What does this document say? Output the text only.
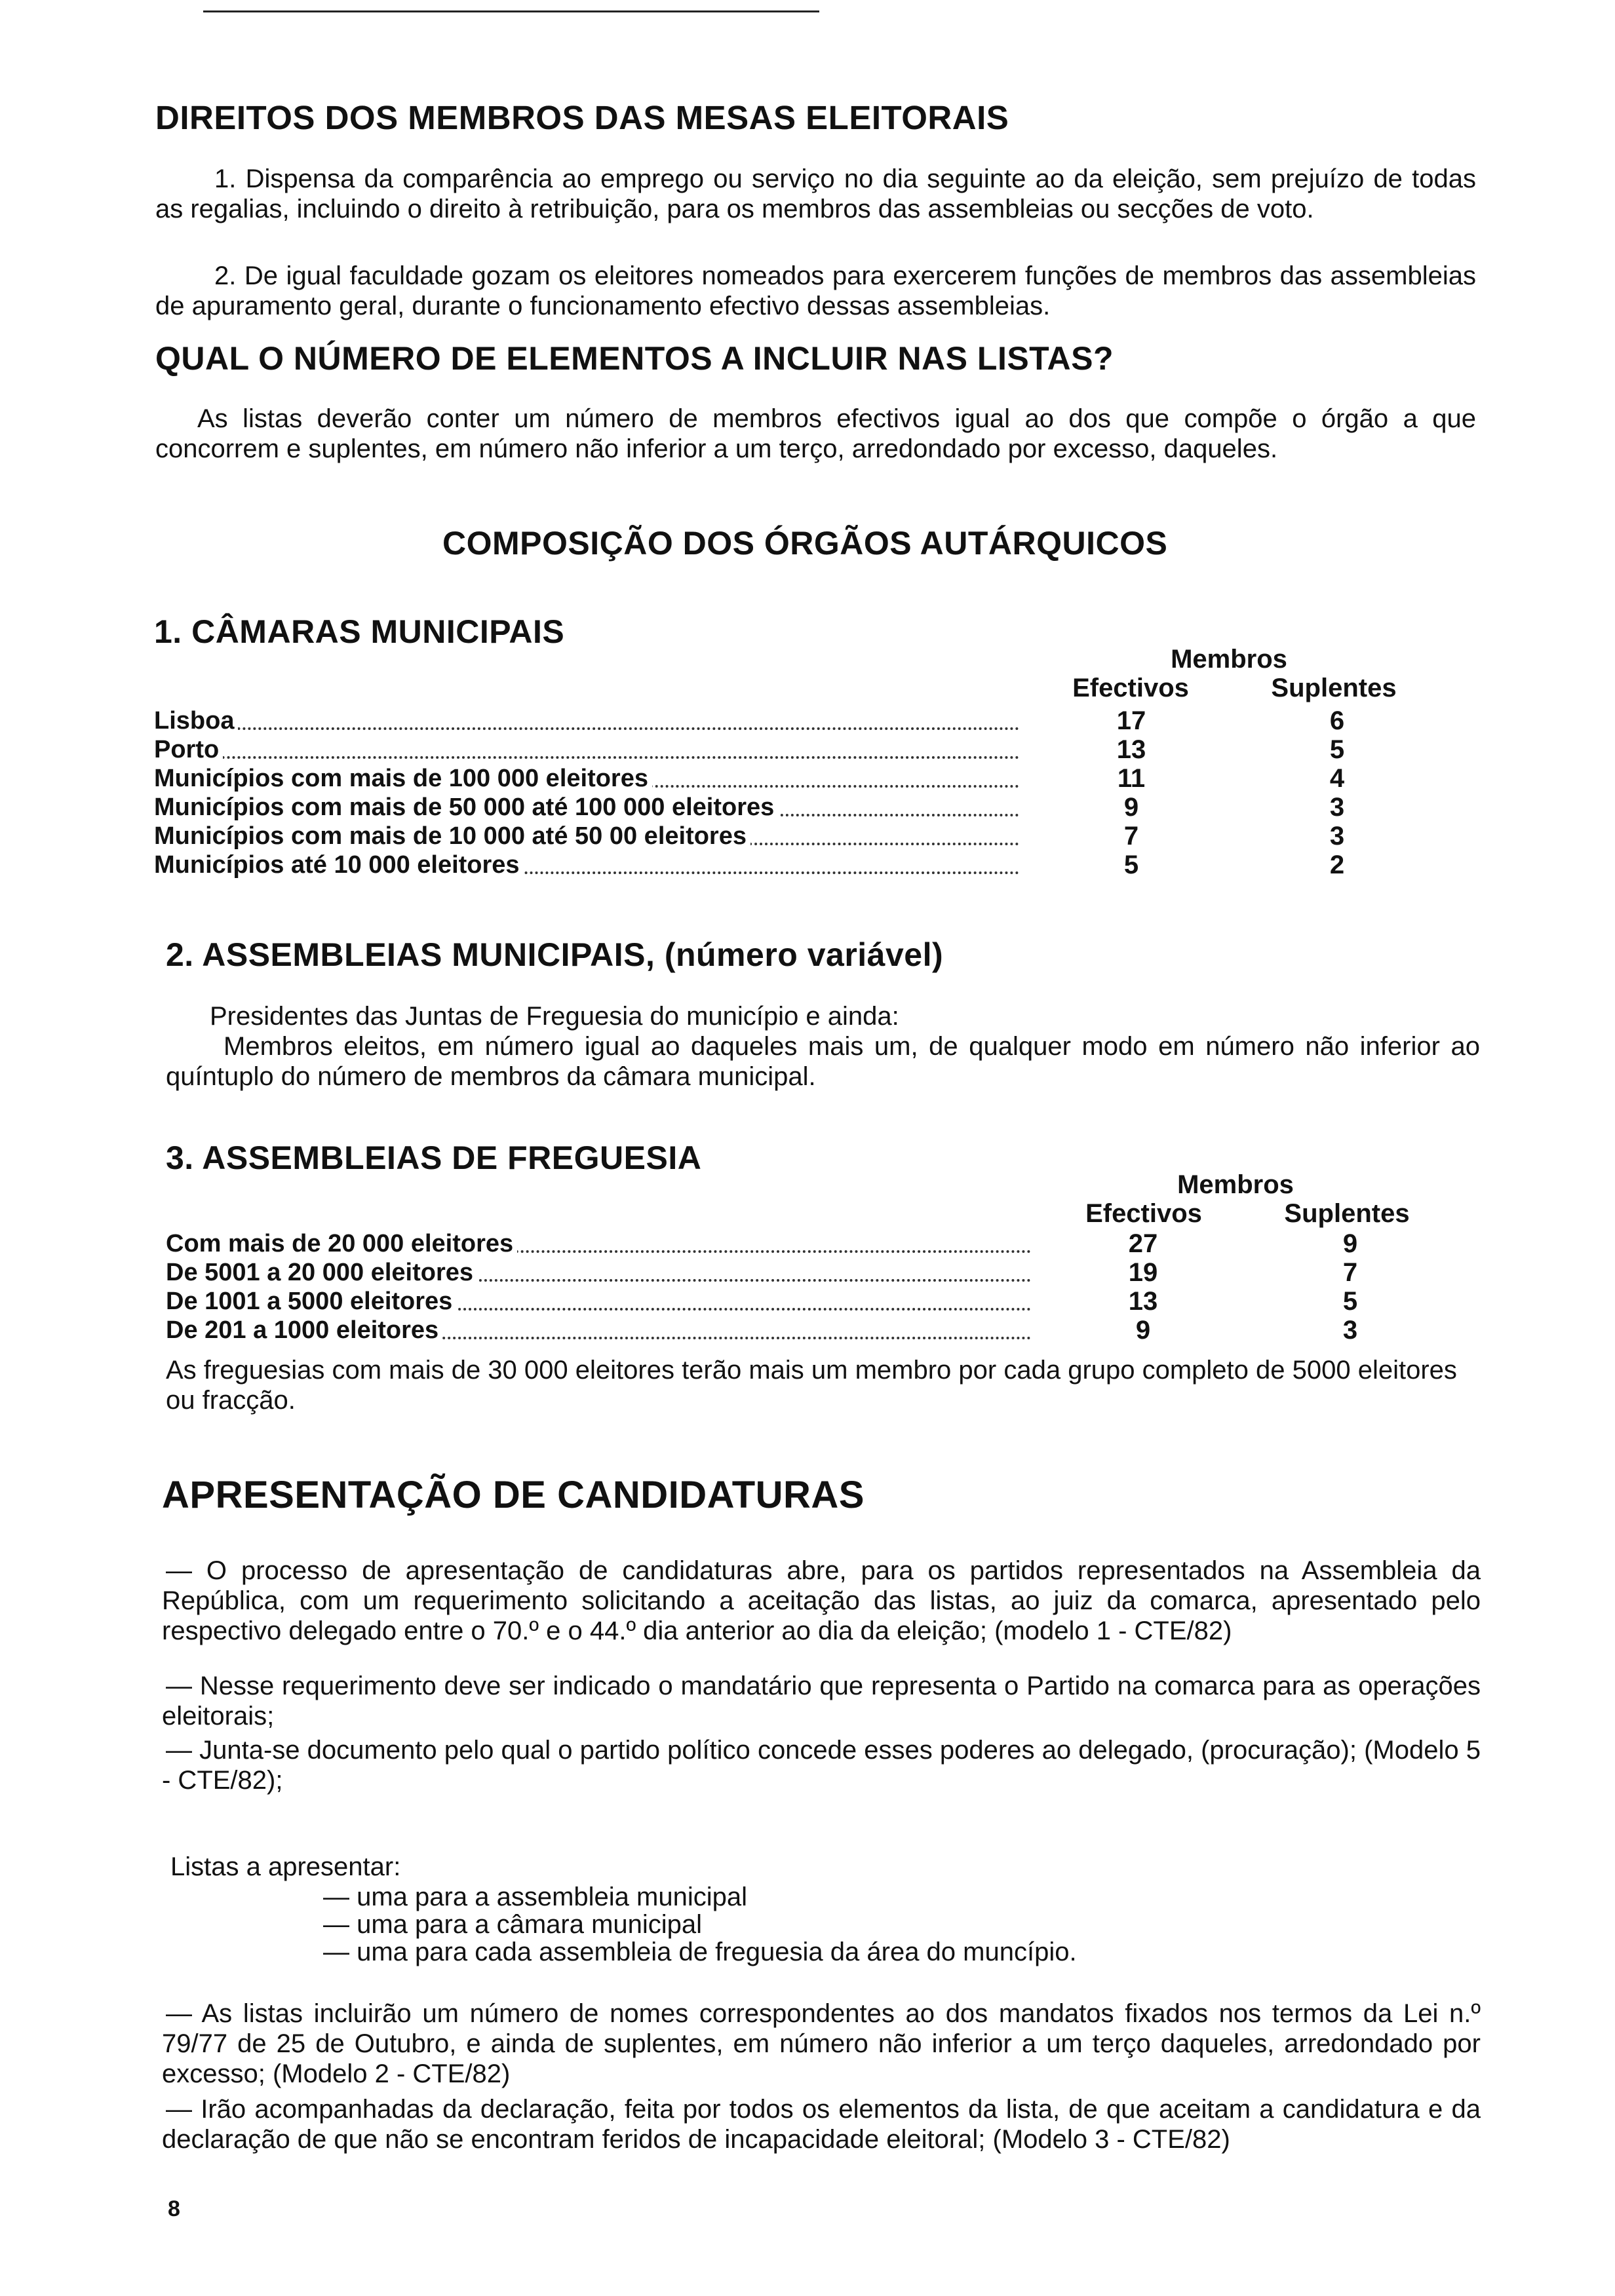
DIREITOS DOS MEMBROS DAS MESAS ELEITORAIS
1. Dispensa da comparência ao emprego ou serviço no dia seguinte ao da eleição, sem prejuízo de todas as regalias, incluindo o direito à retribuição, para os membros das assembleias ou secções de voto.
2. De igual faculdade gozam os eleitores nomeados para exercerem funções de membros das assembleias de apuramento geral, durante o funcionamento efectivo dessas assembleias.
QUAL O NÚMERO DE ELEMENTOS A INCLUIR NAS LISTAS?
As listas deverão conter um número de membros efectivos igual ao dos que compõe o órgão a que concorrem e suplentes, em número não inferior a um terço, arredondado por excesso, daqueles.
COMPOSIÇÃO DOS ÓRGÃOS AUTÁRQUICOS
1. CÂMARAS MUNICIPAIS
Membros
Efectivos	Suplentes
Lisboa	17	6
Porto	13	5
Municípios com mais de 100 000 eleitores	11	4
Municípios com mais de 50 000 até 100 000 eleitores	9	3
Municípios com mais de 10 000 até 50 00 eleitores	7	3
Municípios até 10 000 eleitores	5	2
2. ASSEMBLEIAS MUNICIPAIS, (número variável)
Presidentes das Juntas de Freguesia do município e ainda:
Membros eleitos, em número igual ao daqueles mais um, de qualquer modo em número não inferior ao quíntuplo do número de membros da câmara municipal.
3. ASSEMBLEIAS DE FREGUESIA
Membros
Efectivos	Suplentes
Com mais de 20 000 eleitores	27	9
De 5001 a 20 000 eleitores	19	7
De 1001 a 5000 eleitores	13	5
De 201 a 1000 eleitores	9	3
As freguesias com mais de 30 000 eleitores terão mais um membro por cada grupo completo de 5000 eleitores ou fracção.
APRESENTAÇÃO DE CANDIDATURAS
— O processo de apresentação de candidaturas abre, para os partidos representados na Assembleia da República, com um requerimento solicitando a aceitação das listas, ao juiz da comarca, apresentado pelo respectivo delegado entre o 70.º e o 44.º dia anterior ao dia da eleição; (modelo 1 - CTE/82)
— Nesse requerimento deve ser indicado o mandatário que representa o Partido na comarca para as operações eleitorais;
— Junta-se documento pelo qual o partido político concede esses poderes ao delegado, (procuração); (Modelo 5 - CTE/82);
Listas a apresentar:
— uma para a assembleia municipal
— uma para a câmara municipal
— uma para cada assembleia de freguesia da área do muncípio.
— As listas incluirão um número de nomes correspondentes ao dos mandatos fixados nos termos da Lei n.º 79/77 de 25 de Outubro, e ainda de suplentes, em número não inferior a um terço daqueles, arredondado por excesso; (Modelo 2 - CTE/82)
— Irão acompanhadas da declaração, feita por todos os elementos da lista, de que aceitam a candidatura e da declaração de que não se encontram feridos de incapacidade eleitoral; (Modelo 3 - CTE/82)
8
